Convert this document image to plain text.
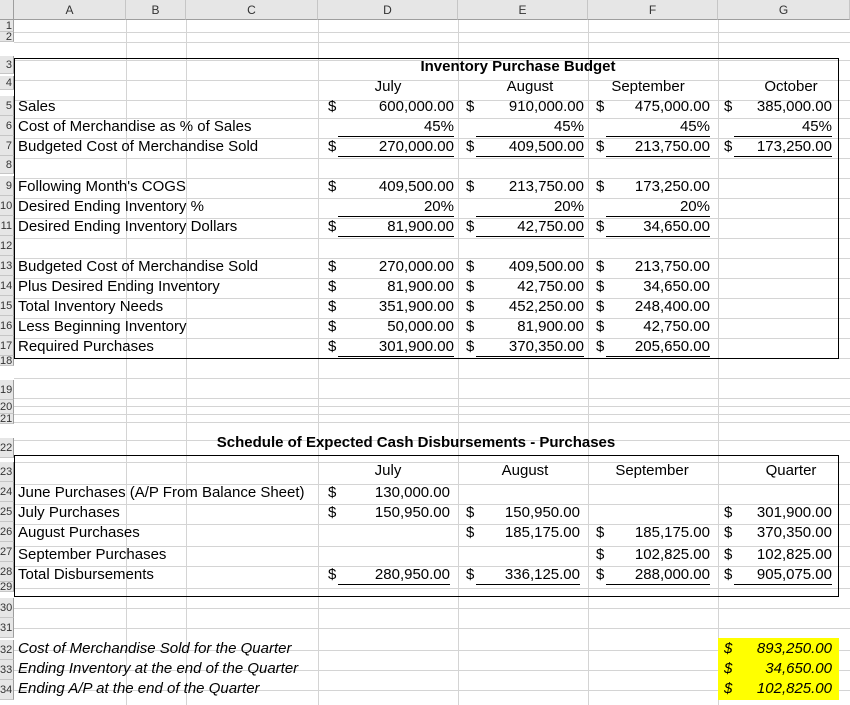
A	B	C	D	E	F	G
1
2
3
4
5
6
7
8
9
10
11
12
13
14
15
16
17
18
19
20
21
22
23
24
25
26
27
28
29
30
31
32
33
34
Inventory Purchase Budget
July	August	September	October
Sales	$	600,000.00 $	910,000.00 $	475,000.00 $	385,000.00
Cost of Merchandise as % of Sales	45%	45%	45%	45%
Budgeted Cost of Merchandise Sold	$	270,000.00 $	409,500.00 $	213,750.00 $	173,250.00
Following Month's COGS	$	409,500.00 $	213,750.00 $	173,250.00
Desired Ending Inventory %	20%	20%	20%
Desired Ending Inventory Dollars	$	81,900.00 $	42,750.00 $	34,650.00
Budgeted Cost of Merchandise Sold	$	270,000.00 $	409,500.00 $	213,750.00
Plus Desired Ending Inventory	$	81,900.00 $	42,750.00 $	34,650.00
Total Inventory Needs	$	351,900.00 $	452,250.00 $	248,400.00
Less Beginning Inventory	$	50,000.00 $	81,900.00 $	42,750.00
Required Purchases	$	301,900.00 $	370,350.00 $	205,650.00
Schedule of Expected Cash Disbursements - Purchases
July	August	September	Quarter
June Purchases (A/P From Balance Sheet)	$	130,000.00
July Purchases	$	150,950.00 $	150,950.00	$	301,900.00
August Purchases	$	185,175.00 $	185,175.00 $	370,350.00
September Purchases	$	102,825.00 $	102,825.00
Total Disbursements	$	280,950.00 $	336,125.00 $	288,000.00 $	905,075.00
Cost of Merchandise Sold for the Quarter	$	893,250.00
Ending Inventory at the end of the Quarter	$	34,650.00
Ending A/P at the end of the Quarter	$	102,825.00
